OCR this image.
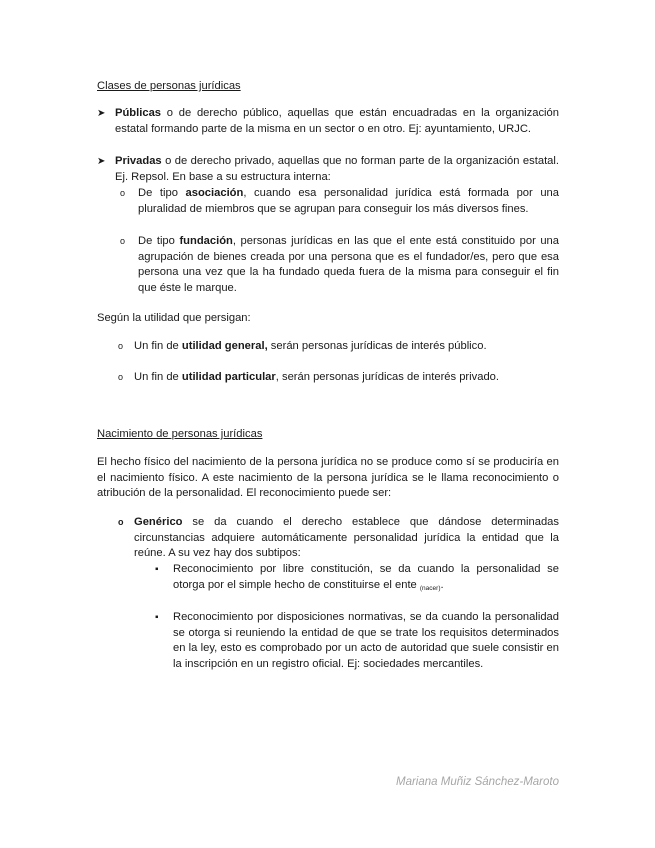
Clases de personas jurídicas
➤ Públicas o de derecho público, aquellas que están encuadradas en la organización estatal formando parte de la misma en un sector o en otro. Ej: ayuntamiento, URJC.
➤ Privadas o de derecho privado, aquellas que no forman parte de la organización estatal. Ej. Repsol. En base a su estructura interna:
o De tipo asociación, cuando esa personalidad jurídica está formada por una pluralidad de miembros que se agrupan para conseguir los más diversos fines.
o De tipo fundación, personas jurídicas en las que el ente está constituido por una agrupación de bienes creada por una persona que es el fundador/es, pero que esa persona una vez que la ha fundado queda fuera de la misma para conseguir el fin que éste le marque.
Según la utilidad que persigan:
o Un fin de utilidad general, serán personas jurídicas de interés público.
o Un fin de utilidad particular, serán personas jurídicas de interés privado.
Nacimiento de personas jurídicas
El hecho físico del nacimiento de la persona jurídica no se produce como sí se produciría en el nacimiento físico. A este nacimiento de la persona jurídica se le llama reconocimiento o atribución de la personalidad. El reconocimiento puede ser:
o Genérico se da cuando el derecho establece que dándose determinadas circunstancias adquiere automáticamente personalidad jurídica la entidad que la reúne. A su vez hay dos subtipos:
▪ Reconocimiento por libre constitución, se da cuando la personalidad se otorga por el simple hecho de constituirse el ente (nacer).
▪ Reconocimiento por disposiciones normativas, se da cuando la personalidad se otorga si reuniendo la entidad de que se trate los requisitos determinados en la ley, esto es comprobado por un acto de autoridad que suele consistir en la inscripción en un registro oficial. Ej: sociedades mercantiles.
Mariana Muñiz Sánchez-Maroto
